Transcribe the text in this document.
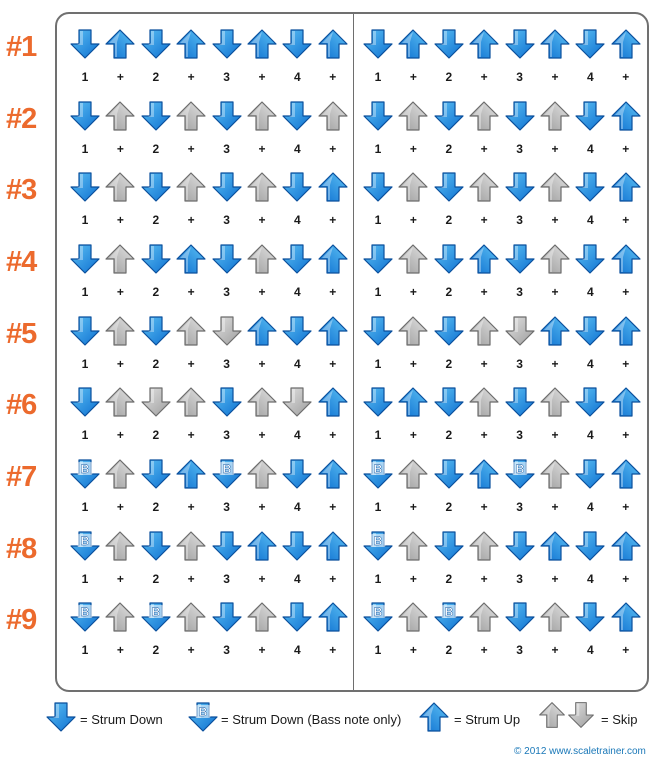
#1
1	+	2	+	3	+	4	+	1	+	2	+	3	+	4	+
#2
1	+	2	+	3	+	4	+	1	+	2	+	3	+	4	+
#3
1	+	2	+	3	+	4	+	1	+	2	+	3	+	4	+
#4
1	+	2	+	3	+	4	+	1	+	2	+	3	+	4	+
#5
1	+	2	+	3	+	4	+	1	+	2	+	3	+	4	+
#6
1	+	2	+	3	+	4	+	1	+	2	+	3	+	4	+
#7	B	B	B	B
1	+	2	+	3	+	4	+	1	+	2	+	3	+	4	+
#8	B	B
1	+	2	+	3	+	4	+	1	+	2	+	3	+	4	+
#9	B	B	B	B
1	+	2	+	3	+	4	+	1	+	2	+	3	+	4	+
= Strum Down	B = Strum Down (Bass note only)	= Strum Up	= Skip
© 2012 www.scaletrainer.com
